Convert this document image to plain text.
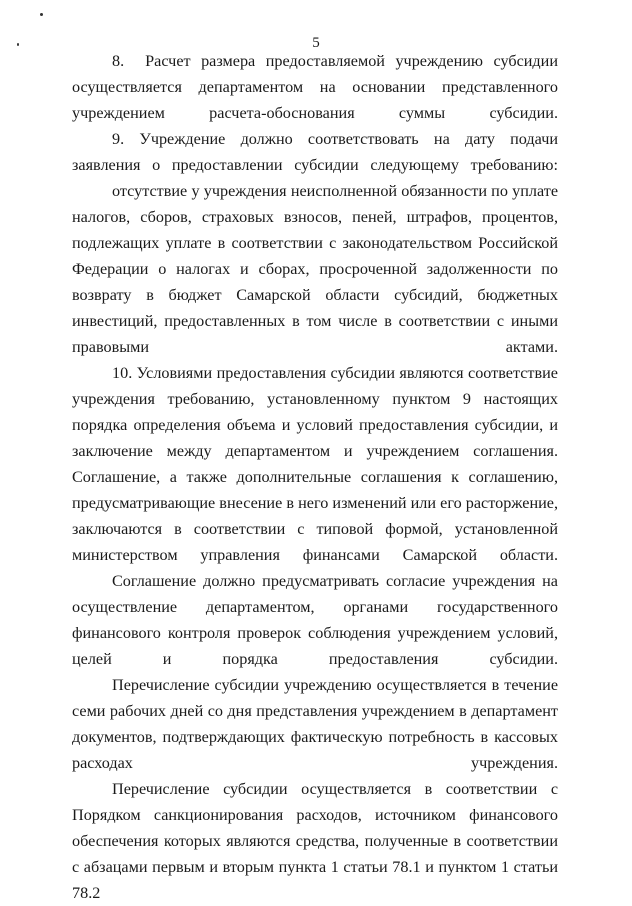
5

8.  Расчет размера предоставляемой учреждению субсидии осуществляется департаментом на основании представленного учреждением расчета-обоснования суммы субсидии.

9. Учреждение должно соответствовать на дату подачи заявления о предоставлении субсидии следующему требованию:

отсутствие у учреждения неисполненной обязанности по уплате налогов, сборов, страховых взносов, пеней, штрафов, процентов, подлежащих уплате в соответствии с законодательством Российской Федерации о налогах и сборах, просроченной задолженности по возврату в бюджет Самарской области субсидий, бюджетных инвестиций, предоставленных в том числе в соответствии с иными правовыми актами.

10. Условиями предоставления субсидии являются соответствие учреждения требованию, установленному пунктом 9 настоящих порядка определения объема и условий предоставления субсидии, и заключение между департаментом и учреждением соглашения. Соглашение, а также дополнительные соглашения к соглашению, предусматривающие внесение в него изменений или его расторжение, заключаются в соответствии с типовой формой, установленной министерством управления финансами Самарской области.

Соглашение должно предусматривать согласие учреждения на осуществление департаментом, органами государственного финансового контроля проверок соблюдения учреждением условий, целей и порядка предоставления субсидии.

Перечисление субсидии учреждению осуществляется в течение семи рабочих дней со дня представления учреждением в департамент документов, подтверждающих фактическую потребность в кассовых расходах учреждения.

Перечисление субсидии осуществляется в соответствии с Порядком санкционирования расходов, источником финансового обеспечения которых являются средства, полученные в соответствии с абзацами первым и вторым пункта 1 статьи 78.1 и пунктом 1 статьи 78.2
